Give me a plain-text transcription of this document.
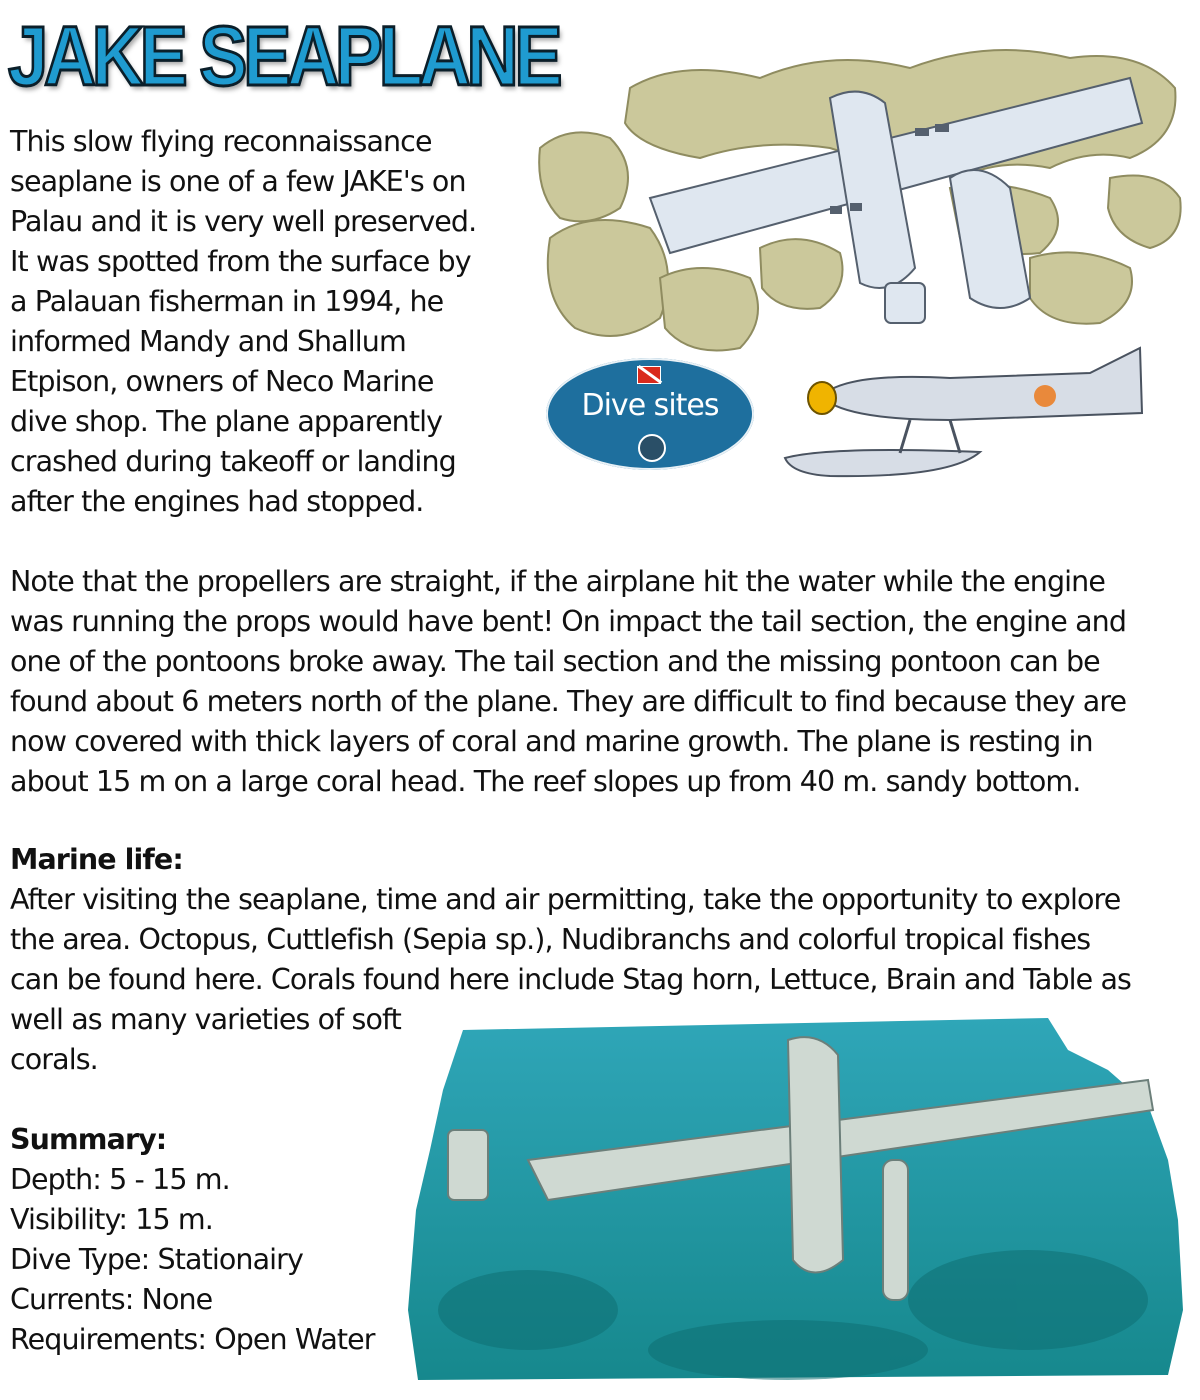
JAKE SEAPLANE
This slow flying reconnaissance
seaplane is one of a few JAKE's on
Palau and it is very well preserved.
It was spotted from the surface by
a Palauan fisherman in 1994, he
informed Mandy and Shallum
Etpison, owners of Neco Marine
dive shop. The plane apparently
crashed during takeoff or landing
after the engines had stopped.
Dive sites
Note that the propellers are straight, if the airplane hit the water while the engine
was running the props would have bent! On impact the tail section, the engine and
one of the pontoons broke away. The tail section and the missing pontoon can be
found about 6 meters north of the plane. They are difficult to find because they are
now covered with thick layers of coral and marine growth. The plane is resting in
about 15 m on a large coral head. The reef slopes up from 40 m. sandy bottom.
Marine life:
After visiting the seaplane, time and air permitting, take the opportunity to explore
the area. Octopus, Cuttlefish (Sepia sp.), Nudibranchs and colorful tropical fishes
can be found here. Corals found here include Stag horn, Lettuce, Brain and Table as
well as many varieties of soft
corals.
Summary:
Depth: 5 - 15 m.
Visibility: 15 m.
Dive Type: Stationairy
Currents: None
Requirements: Open Water
